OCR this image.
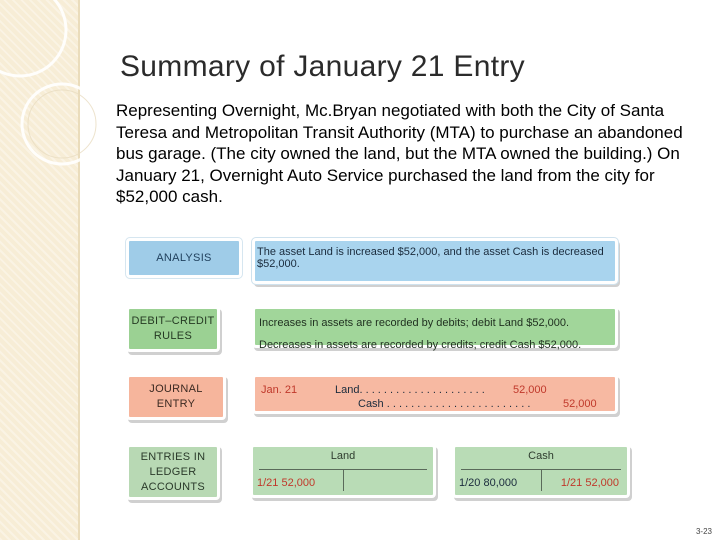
Summary of January 21 Entry
Representing Overnight, Mc.Bryan negotiated with both the City of Santa Teresa and Metropolitan Transit Authority (MTA) to purchase an abandoned bus garage. (The city owned the land, but the MTA owned the building.) On January 21, Overnight Auto Service purchased the land from the city for $52,000 cash.
ANALYSIS	The asset Land is increased $52,000, and the asset Cash is decreased $52,000.
DEBIT–CREDIT
RULES
Increases in assets are recorded by debits; debit Land $52,000.
Decreases in assets are recorded by credits; credit Cash $52,000.
JOURNAL
ENTRY
Jan. 21	Land. . . . . . . . . . . . . . . . . . . . .	52,000
Cash . . . . . . . . . . . . . . . . . . . . . . . .	52,000
ENTRIES IN
LEDGER
ACCOUNTS
Land
1/21 52,000
Cash
1/20 80,000	1/21 52,000
3-23
